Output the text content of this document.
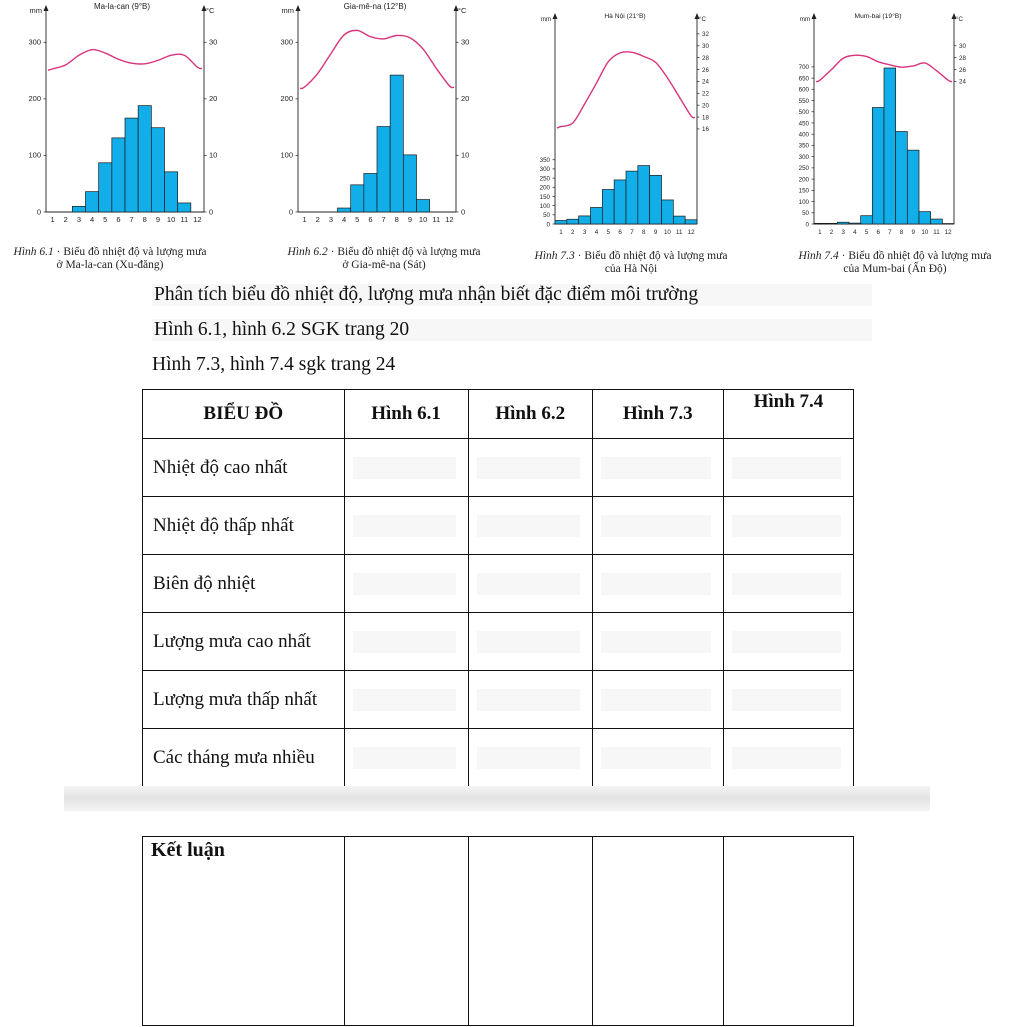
Ma-la-can (9°B)
mm	°C
0
100
200
300
0
10
20
30
1 2 3 4 5 6 7 8 9 10 11 12
Gia-mê-na (12°B)
mm	°C
0
100
200
300
0
10
20
30
1 2 3 4 5 6 7 8 9 10 11 12
Hà Nội (21°B)
mm	°C
0
50
100
150
200
250
300
350
16
18
20
22
24
26
28
30
32
1 2 3 4 5 6 7 8 9 10 11 12
Mum-bai (19°B)
mm	°C
0
50
100
150
200
250
300
350
400
450
500
550
600
650
700
24
26
28
30
1 2 3 4 5 6 7 8 9 10 11 12
Hình 6.1 · Biểu đồ nhiệt độ và lượng mưa
ở Ma-la-can (Xu-đăng)
Hình 6.2 · Biểu đồ nhiệt độ và lượng mưa
ở Gia-mê-na (Sát)
Hình 7.3 · Biểu đồ nhiệt độ và lượng mưa
của Hà Nội
Hình 7.4 · Biểu đồ nhiệt độ và lượng mưa
của Mum-bai (Ấn Độ)
Phân tích biểu đồ nhiệt độ, lượng mưa nhận biết đặc điểm môi trường
Hình 6.1, hình 6.2 SGK trang 20
Hình 7.3, hình 7.4 sgk trang 24
BIỂU ĐỒ	Hình 6.1	Hình 6.2	Hình 7.3	Hình 7.4
Nhiệt độ cao nhất	

Nhiệt độ thấp nhất	

Biên độ nhiệt	

Lượng mưa cao nhất	

Lượng mưa thấp nhất	

Các tháng mưa nhiều	

Kết luận				
